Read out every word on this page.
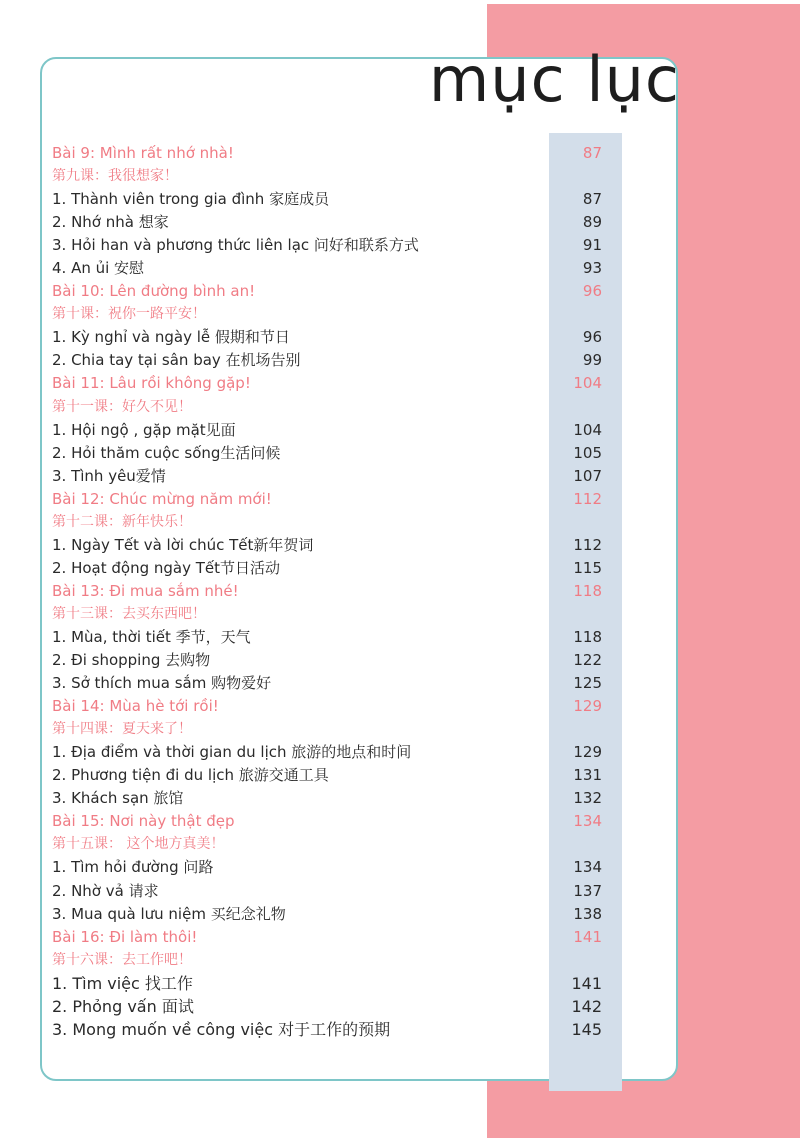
mục lục
Bài 9: Mình rất nhớ nhà!	87
第九课：我很想家！
1. Thành viên trong gia đình 家庭成员	87
2. Nhớ nhà 想家	89
3. Hỏi han và phương thức liên lạc 问好和联系方式	91
4. An ủi 安慰	93
Bài 10: Lên đường bình an!	96
第十课：祝你一路平安！
1. Kỳ nghỉ và ngày lễ 假期和节日	96
2. Chia tay tại sân bay 在机场告别	99
Bài 11: Lâu rồi không gặp!	104
第十一课：好久不见！
1. Hội ngộ , gặp mặt见面	104
2. Hỏi thăm cuộc sống生活问候	105
3. Tình yêu爱情	107
Bài 12: Chúc mừng năm mới!	112
第十二课：新年快乐！
1. Ngày Tết và lời chúc Tết新年贺词	112
2. Hoạt động ngày Tết节日活动	115
Bài 13: Đi mua sắm nhé!	118
第十三课：去买东西吧！
1. Mùa, thời tiết 季节，天气	118
2. Đi shopping 去购物	122
3. Sở thích mua sắm 购物爱好	125
Bài 14: Mùa hè tới rồi!	129
第十四课：夏天来了！
1. Địa điểm và thời gian du lịch 旅游的地点和时间	129
2. Phương tiện đi du lịch 旅游交通工具	131
3. Khách sạn 旅馆	132
Bài 15: Nơi này thật đẹp	134
第十五课： 这个地方真美！
1. Tìm hỏi đường 问路	134
2. Nhờ vả 请求	137
3. Mua quà lưu niệm 买纪念礼物	138
Bài 16: Đi làm thôi!	141
第十六课：去工作吧！
1. Tìm việc 找工作	141
2. Phỏng vấn 面试	142
3. Mong muốn về công việc 对于工作的预期	145
